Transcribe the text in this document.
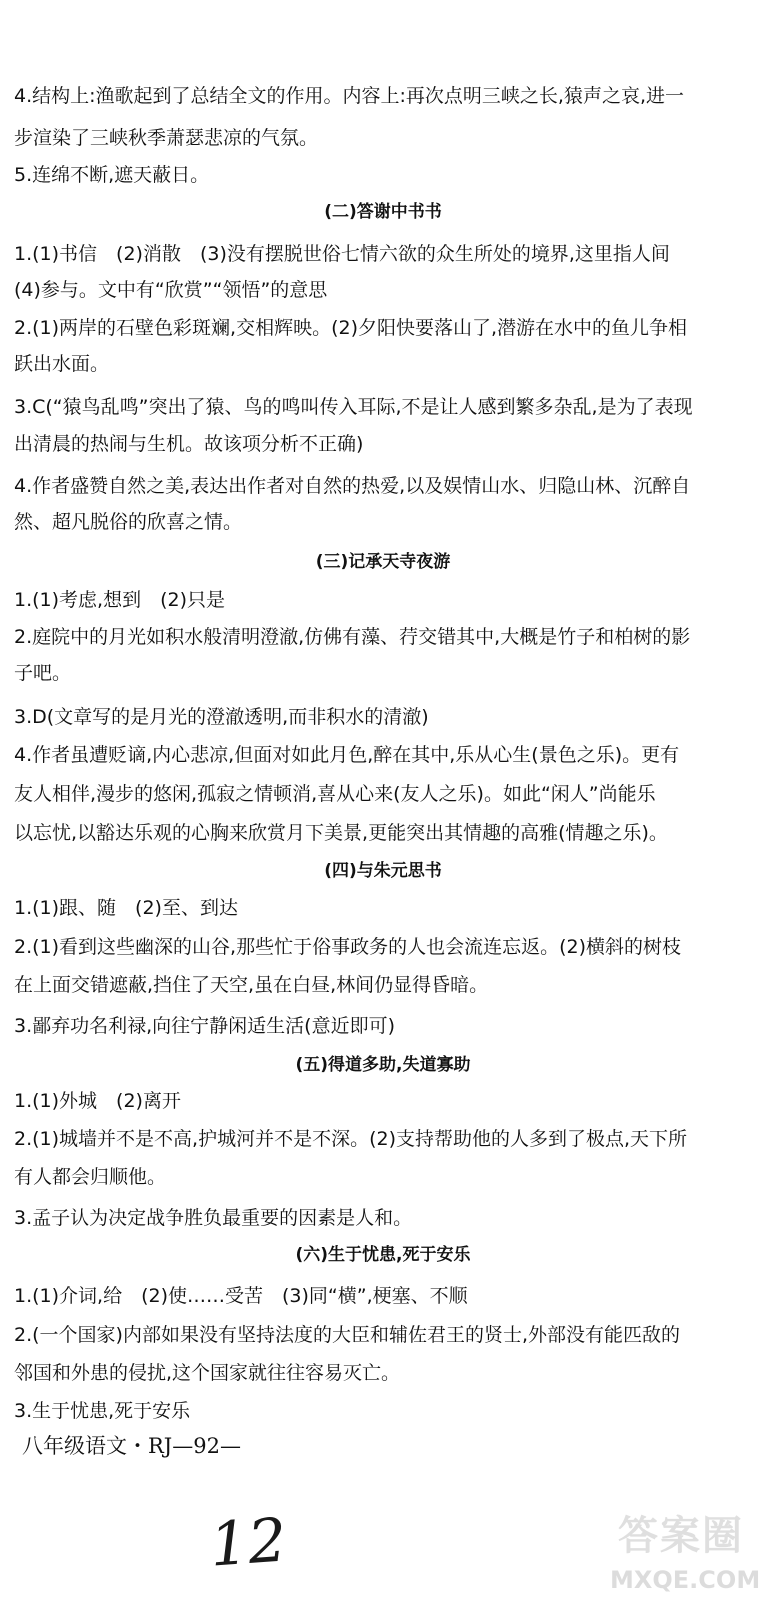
4.结构上:渔歌起到了总结全文的作用。内容上:再次点明三峡之长,猿声之哀,进一
步渲染了三峡秋季萧瑟悲凉的气氛。
5.连绵不断,遮天蔽日。
(二)答谢中书书
1.(1)书信　(2)消散　(3)没有摆脱世俗七情六欲的众生所处的境界,这里指人间
(4)参与。文中有“欣赏”“领悟”的意思
2.(1)两岸的石壁色彩斑斓,交相辉映。(2)夕阳快要落山了,潜游在水中的鱼儿争相
跃出水面。
3.C(“猿鸟乱鸣”突出了猿、鸟的鸣叫传入耳际,不是让人感到繁多杂乱,是为了表现
出清晨的热闹与生机。故该项分析不正确)
4.作者盛赞自然之美,表达出作者对自然的热爱,以及娱情山水、归隐山林、沉醉自
然、超凡脱俗的欣喜之情。
(三)记承天寺夜游
1.(1)考虑,想到　(2)只是
2.庭院中的月光如积水般清明澄澈,仿佛有藻、荇交错其中,大概是竹子和柏树的影
子吧。
3.D(文章写的是月光的澄澈透明,而非积水的清澈)
4.作者虽遭贬谪,内心悲凉,但面对如此月色,醉在其中,乐从心生(景色之乐)。更有
友人相伴,漫步的悠闲,孤寂之情顿消,喜从心来(友人之乐)。如此“闲人”尚能乐
以忘忧,以豁达乐观的心胸来欣赏月下美景,更能突出其情趣的高雅(情趣之乐)。
(四)与朱元思书
1.(1)跟、随　(2)至、到达
2.(1)看到这些幽深的山谷,那些忙于俗事政务的人也会流连忘返。(2)横斜的树枝
在上面交错遮蔽,挡住了天空,虽在白昼,林间仍显得昏暗。
3.鄙弃功名利禄,向往宁静闲适生活(意近即可)
(五)得道多助,失道寡助
1.(1)外城　(2)离开
2.(1)城墙并不是不高,护城河并不是不深。(2)支持帮助他的人多到了极点,天下所
有人都会归顺他。
3.孟子认为决定战争胜负最重要的因素是人和。
(六)生于忧患,死于安乐
1.(1)介词,给　(2)使……受苦　(3)同“横”,梗塞、不顺
2.(一个国家)内部如果没有坚持法度的大臣和辅佐君王的贤士,外部没有能匹敌的
邻国和外患的侵扰,这个国家就往往容易灭亡。
3.生于忧患,死于安乐
八年级语文・RJ—92—
12	答案圈
MXQE.COM
